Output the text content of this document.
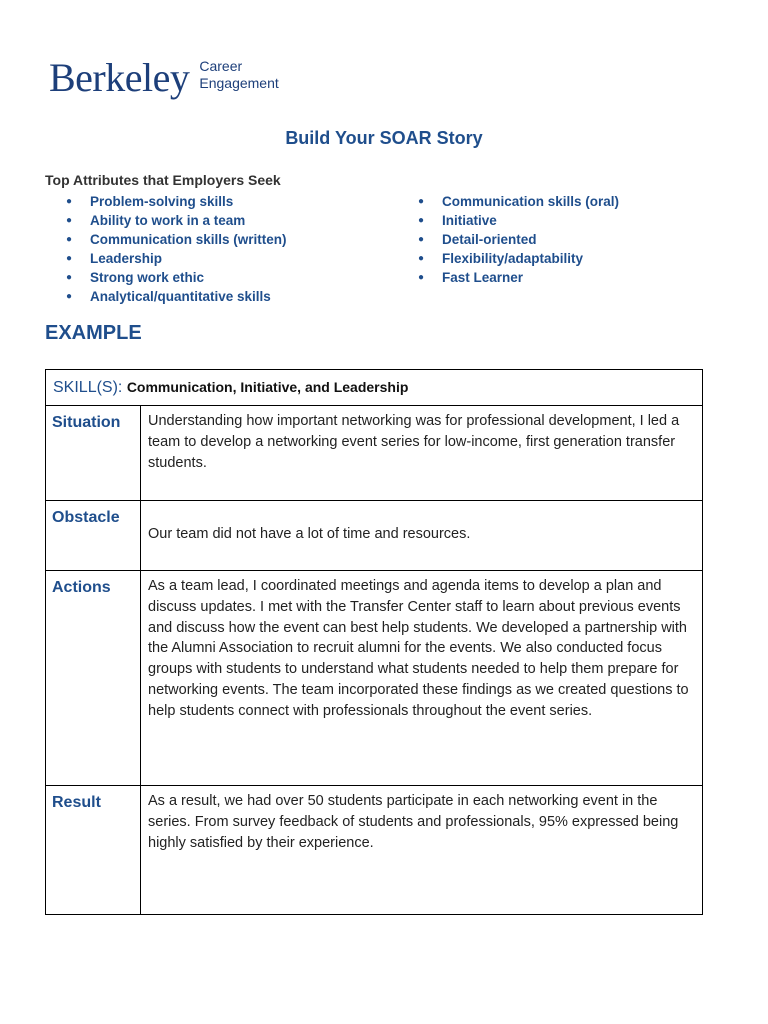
Berkeley Career
Engagement
Build Your SOAR Story
Top Attributes that Employers Seek
● Problem-solving skills
● Ability to work in a team
● Communication skills (written)
● Leadership
● Strong work ethic
● Analytical/quantitative skills
● Communication skills (oral)
● Initiative
● Detail-oriented
● Flexibility/adaptability
● Fast Learner
EXAMPLE
SKILL(S): Communication, Initiative, and Leadership	

Situation	Understanding how important networking was for professional development, I led a team to develop a networking event series for low-income, first generation transfer students.
Obstacle	Our team did not have a lot of time and resources.
Actions	As a team lead, I coordinated meetings and agenda items to develop a plan and discuss updates. I met with the Transfer Center staff to learn about previous events and discuss how the event can best help students. We developed a partnership with the Alumni Association to recruit alumni for the events. We also conducted focus groups with students to understand what students needed to help them prepare for networking events. The team incorporated these findings as we created questions to help students connect with professionals throughout the event series.
Result	As a result, we had over 50 students participate in each networking event in the series. From survey feedback of students and professionals, 95% expressed being highly satisfied by their experience.
